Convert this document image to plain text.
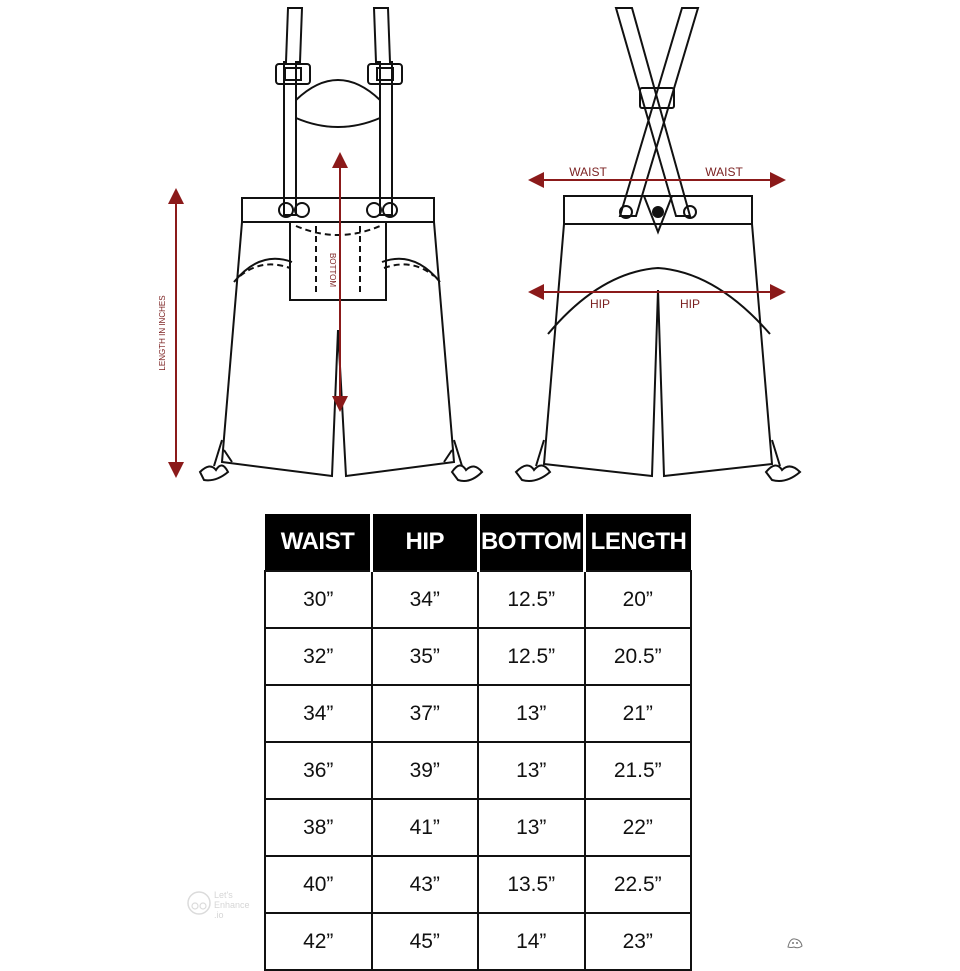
LENGTH IN INCHES
BOTTOM
WAIST	WAIST
HIP	HIP
WAIST	HIP	BOTTOM	LENGTH
30”	34”	12.5”	20”
32”	35”	12.5”	20.5”
34”	37”	13”	21”
36”	39”	13”	21.5”
38”	41”	13”	22”
40”	43”	13.5”	22.5”
42”	45”	14”	23”
Let's Enhance .io
